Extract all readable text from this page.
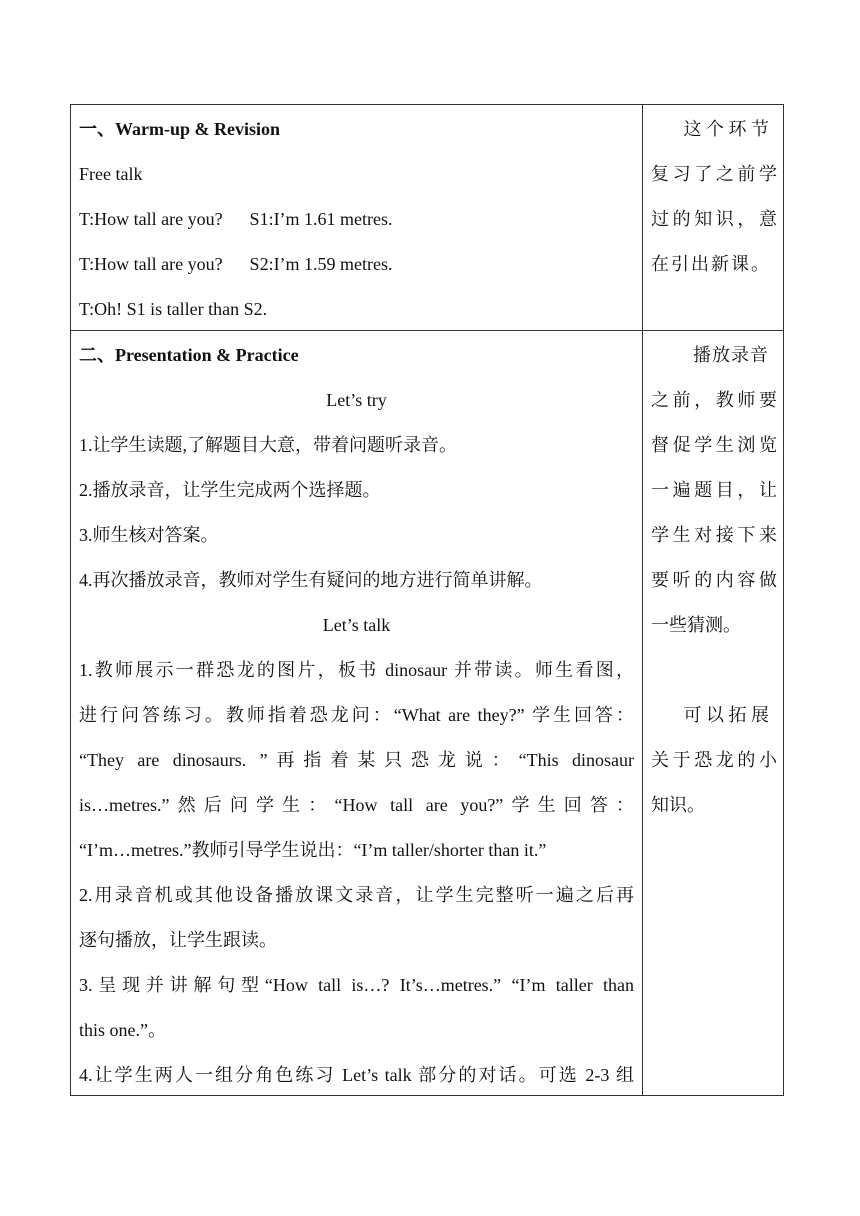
一、Warm-up & Revision
Free talk
T:How tall are you?      S1:I’m 1.61 metres.
T:How tall are you?      S2:I’m 1.59 metres.
T:Oh! S1 is taller than S2.
这 个 环 节
复习了之前学
过的知识，意
在引出新课。
二、Presentation & Practice
Let’s try
1.让学生读题,了解题目大意，带着问题听录音。
2.播放录音，让学生完成两个选择题。
3.师生核对答案。
4.再次播放录音，教师对学生有疑问的地方进行简单讲解。
Let’s talk
1.教师展示一群恐龙的图片，板书 dinosaur 并带读。师生看图，
进行问答练习。教师指着恐龙问：“What are they?” 学生回答：
“They are dinosaurs. ”再指着某只恐龙说：“This dinosaur
is…metres.”然后问学生：“How tall are you?”学生回答：
“I’m…metres.”教师引导学生说出：“I’m taller/shorter than it.”
2.用录音机或其他设备播放课文录音，让学生完整听一遍之后再
逐句播放，让学生跟读。
3.呈现并讲解句型“How tall is…? It’s…metres.” “I’m taller than
this one.”。
4.让学生两人一组分角色练习 Let’s talk 部分的对话。可选 2-3 组
播放录音
之前，教师要
督促学生浏览
一遍题目，让
学生对接下来
要听的内容做
一些猜测。
可 以 拓 展
关于恐龙的小
知识。
